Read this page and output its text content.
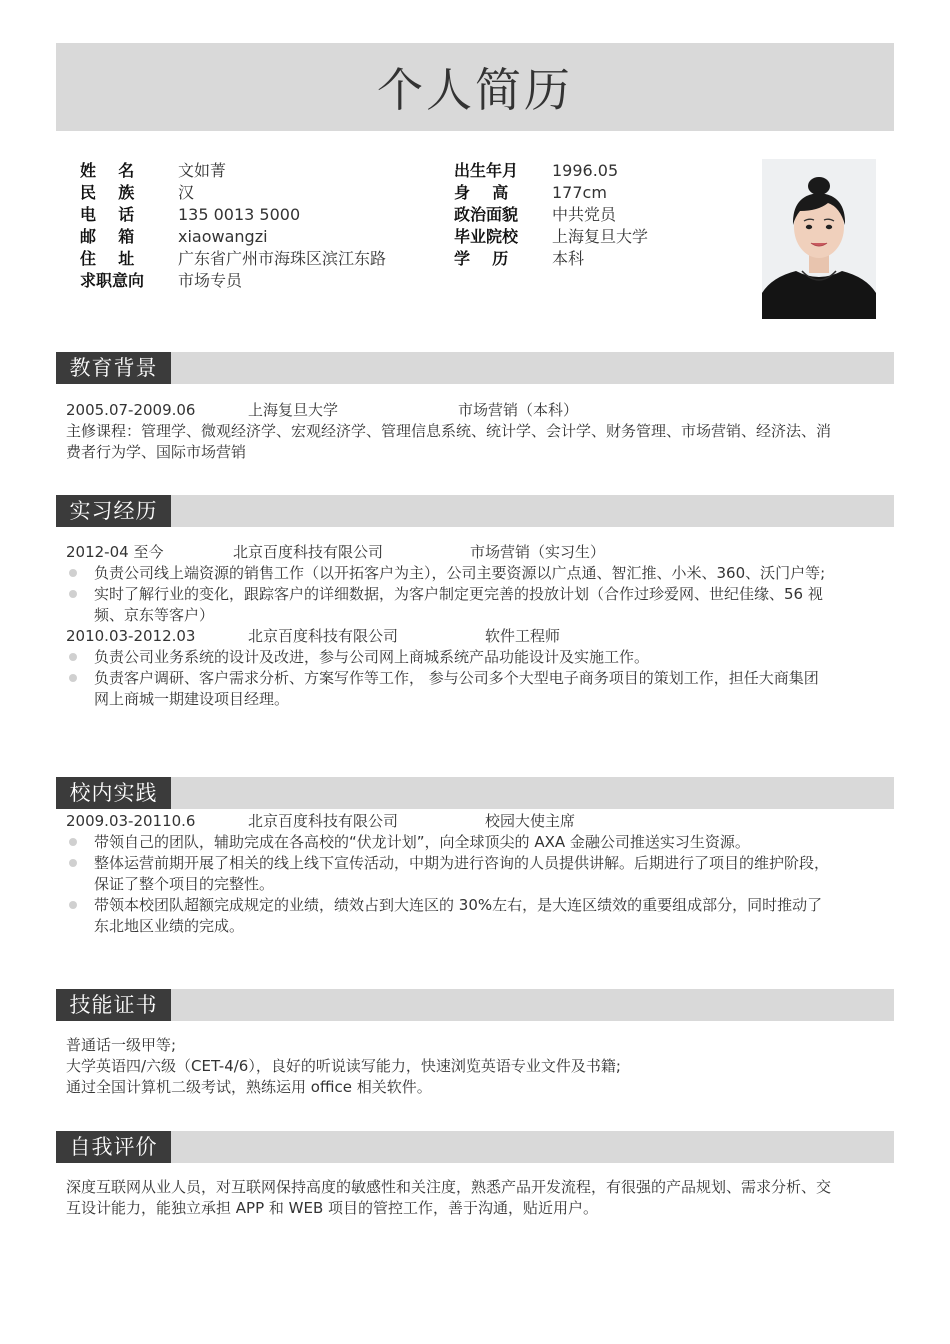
个人简历
姓    名	文如菁
民    族	汉
电    话	135 0013 5000
邮    箱	xiaowangzi
住    址	广东省广州市海珠区滨江东路
求职意向	市场专员
出生年月	1996.05
身    高	177cm
政治面貌	中共党员
毕业院校	上海复旦大学
学    历	本科
教育背景
2005.07-2009.06	上海复旦大学	市场营销（本科）
主修课程：管理学、微观经济学、宏观经济学、管理信息系统、统计学、会计学、财务管理、市场营销、经济法、消
费者行为学、国际市场营销
实习经历
2012-04 至今	北京百度科技有限公司	市场营销（实习生）
负责公司线上端资源的销售工作（以开拓客户为主），公司主要资源以广点通、智汇推、小米、360、沃门户等;
实时了解行业的变化，跟踪客户的详细数据，为客户制定更完善的投放计划（合作过珍爱网、世纪佳缘、56 视
频、京东等客户）
2010.03-2012.03	北京百度科技有限公司	软件工程师
负责公司业务系统的设计及改进，参与公司网上商城系统产品功能设计及实施工作。
负责客户调研、客户需求分析、方案写作等工作， 参与公司多个大型电子商务项目的策划工作，担任大商集团
网上商城一期建设项目经理。
校内实践
2009.03-20110.6	北京百度科技有限公司	校园大使主席
带领自己的团队，辅助完成在各高校的“伏龙计划”，向全球顶尖的 AXA 金融公司推送实习生资源。
整体运营前期开展了相关的线上线下宣传活动，中期为进行咨询的人员提供讲解。后期进行了项目的维护阶段，
保证了整个项目的完整性。
带领本校团队超额完成规定的业绩，绩效占到大连区的 30%左右，是大连区绩效的重要组成部分，同时推动了
东北地区业绩的完成。
技能证书
普通话一级甲等;
大学英语四/六级（CET-4/6），良好的听说读写能力，快速浏览英语专业文件及书籍;
通过全国计算机二级考试，熟练运用 office 相关软件。
自我评价
深度互联网从业人员，对互联网保持高度的敏感性和关注度，熟悉产品开发流程，有很强的产品规划、需求分析、交
互设计能力，能独立承担 APP 和 WEB 项目的管控工作，善于沟通，贴近用户。
